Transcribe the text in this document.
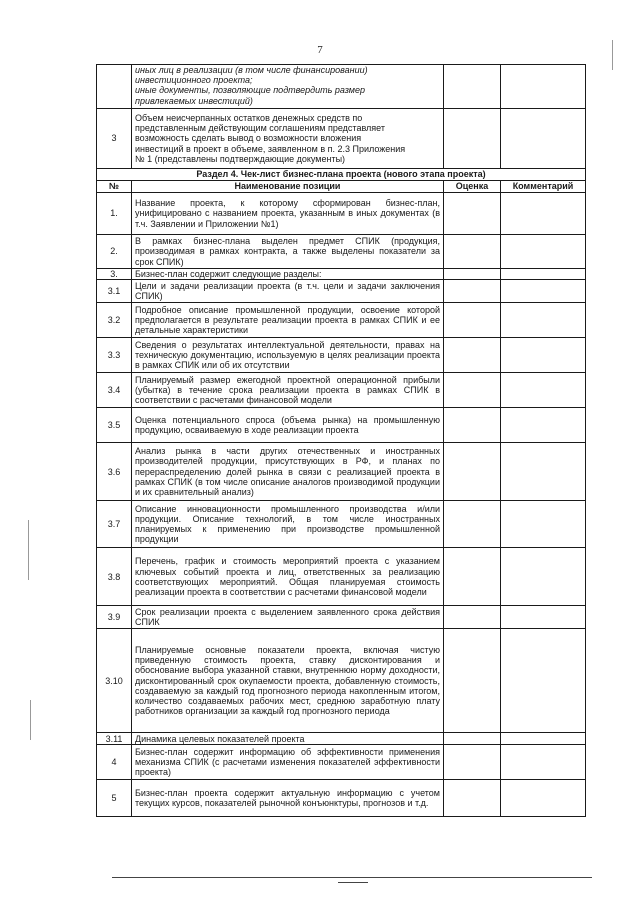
7

	иных лиц в реализации (в том числе финансировании)
инвестиционного проекта;
иные документы, позволяющие подтвердить размер
привлекаемых инвестиций)		

3	Объем неисчерпанных остатков денежных средств по
представленным действующим соглашениям представляет
возможность сделать вывод о возможности вложения
инвестиций в проект в объеме, заявленном в п. 2.3 Приложения
№ 1 (представлены подтверждающие документы)		

Раздел 4. Чек-лист бизнес-плана проекта (нового этапа проекта)			
№	Наименование позиции	Оценка	Комментарий
1.	Название проекта, к которому сформирован бизнес-план, унифицировано с названием проекта, указанным в иных документах (в т.ч. Заявлении и Приложении №1)		
2.	В рамках бизнес-плана выделен предмет СПИК (продукция, производимая в рамках контракта, а также выделены показатели за срок СПИК)		
3.	Бизнес-план содержит следующие разделы:		
3.1	Цели и задачи реализации проекта (в т.ч. цели и задачи заключения СПИК)		
3.2	Подробное описание промышленной продукции, освоение которой предполагается в результате реализации проекта в рамках СПИК и ее детальные характеристики		
3.3	Сведения о результатах интеллектуальной деятельности, правах на техническую документацию, используемую в целях реализации проекта в рамках СПИК или об их отсутствии		
3.4	Планируемый размер ежегодной проектной операционной прибыли (убытка) в течение срока реализации проекта в рамках СПИК в соответствии с расчетами финансовой модели		
3.5	Оценка потенциального спроса (объема рынка) на промышленную продукцию, осваиваемую в ходе реализации проекта		
3.6	Анализ рынка в части других отечественных и иностранных производителей продукции, присутствующих в РФ, и планах по перераспределению долей рынка в связи с реализацией проекта в рамках СПИК (в том числе описание аналогов производимой продукции и их сравнительный анализ)		
3.7	Описание инновационности промышленного производства и/или продукции. Описание технологий, в том числе иностранных планируемых к применению при производстве промышленной продукции		
3.8	Перечень, график и стоимость мероприятий проекта с указанием ключевых событий проекта и лиц, ответственных за реализацию соответствующих мероприятий. Общая планируемая стоимость реализации проекта в соответствии с расчетами финансовой модели		
3.9	Срок реализации проекта с выделением заявленного срока действия СПИК		
3.10	Планируемые основные показатели проекта, включая чистую приведенную стоимость проекта, ставку дисконтирования и обоснование выбора указанной ставки, внутреннюю норму доходности, дисконтированный срок окупаемости проекта, добавленную стоимость, создаваемую за каждый год прогнозного периода накопленным итогом, количество создаваемых рабочих мест, среднюю заработную плату работников организации за каждый год прогнозного периода		
3.11	Динамика целевых показателей проекта		
4	Бизнес-план содержит информацию об эффективности применения механизма СПИК (с расчетами изменения показателей эффективности проекта)		
5	Бизнес-план проекта содержит актуальную информацию с учетом текущих курсов, показателей рыночной конъюнктуры, прогнозов и т.д.		
